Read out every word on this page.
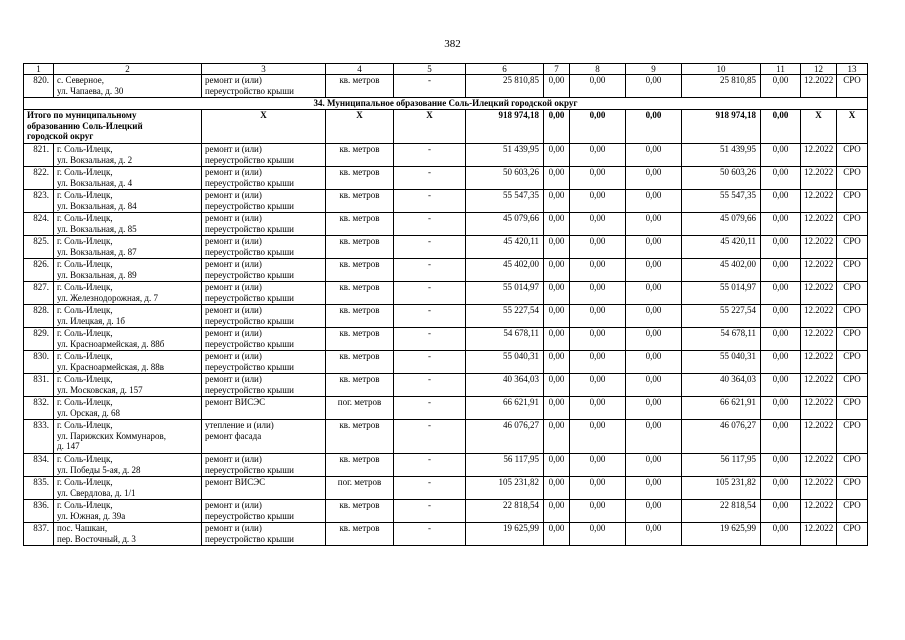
382
1	2	3	4	5	6	7	8	9	10	11	12	13
820.	с. Северное,
ул. Чапаева, д. 30	ремонт и (или)
переустройство крыши	кв. метров	-	25 810,85	0,00	0,00	0,00	25 810,85	0,00	12.2022	СРО
34. Муниципальное образование Соль-Илецкий городской округ												
Итого по муниципальному
образованию Соль-Илецкий
городской округ		X	X	X	918 974,18	0,00	0,00	0,00	918 974,18	0,00	X	X
821.	г. Соль-Илецк,
ул. Вокзальная, д. 2	ремонт и (или)
переустройство крыши	кв. метров	-	51 439,95	0,00	0,00	0,00	51 439,95	0,00	12.2022	СРО
822.	г. Соль-Илецк,
ул. Вокзальная, д. 4	ремонт и (или)
переустройство крыши	кв. метров	-	50 603,26	0,00	0,00	0,00	50 603,26	0,00	12.2022	СРО
823.	г. Соль-Илецк,
ул. Вокзальная, д. 84	ремонт и (или)
переустройство крыши	кв. метров	-	55 547,35	0,00	0,00	0,00	55 547,35	0,00	12.2022	СРО
824.	г. Соль-Илецк,
ул. Вокзальная, д. 85	ремонт и (или)
переустройство крыши	кв. метров	-	45 079,66	0,00	0,00	0,00	45 079,66	0,00	12.2022	СРО
825.	г. Соль-Илецк,
ул. Вокзальная, д. 87	ремонт и (или)
переустройство крыши	кв. метров	-	45 420,11	0,00	0,00	0,00	45 420,11	0,00	12.2022	СРО
826.	г. Соль-Илецк,
ул. Вокзальная, д. 89	ремонт и (или)
переустройство крыши	кв. метров	-	45 402,00	0,00	0,00	0,00	45 402,00	0,00	12.2022	СРО
827.	г. Соль-Илецк,
ул. Железнодорожная, д. 7	ремонт и (или)
переустройство крыши	кв. метров	-	55 014,97	0,00	0,00	0,00	55 014,97	0,00	12.2022	СРО
828.	г. Соль-Илецк,
ул. Илецкая, д. 1б	ремонт и (или)
переустройство крыши	кв. метров	-	55 227,54	0,00	0,00	0,00	55 227,54	0,00	12.2022	СРО
829.	г. Соль-Илецк,
ул. Красноармейская, д. 88б	ремонт и (или)
переустройство крыши	кв. метров	-	54 678,11	0,00	0,00	0,00	54 678,11	0,00	12.2022	СРО
830.	г. Соль-Илецк,
ул. Красноармейская, д. 88в	ремонт и (или)
переустройство крыши	кв. метров	-	55 040,31	0,00	0,00	0,00	55 040,31	0,00	12.2022	СРО
831.	г. Соль-Илецк,
ул. Московская, д. 157	ремонт и (или)
переустройство крыши	кв. метров	-	40 364,03	0,00	0,00	0,00	40 364,03	0,00	12.2022	СРО
832.	г. Соль-Илецк,
ул. Орская, д. 68	ремонт ВИСЭС	пог. метров	-	66 621,91	0,00	0,00	0,00	66 621,91	0,00	12.2022	СРО
833.	г. Соль-Илецк,
ул. Парижских Коммунаров,
д. 147	утепление и (или)
ремонт фасада	кв. метров	-	46 076,27	0,00	0,00	0,00	46 076,27	0,00	12.2022	СРО
834.	г. Соль-Илецк,
ул. Победы 5-ая, д. 28	ремонт и (или)
переустройство крыши	кв. метров	-	56 117,95	0,00	0,00	0,00	56 117,95	0,00	12.2022	СРО
835.	г. Соль-Илецк,
ул. Свердлова, д. 1/1	ремонт ВИСЭС	пог. метров	-	105 231,82	0,00	0,00	0,00	105 231,82	0,00	12.2022	СРО
836.	г. Соль-Илецк,
ул. Южная, д. 39а	ремонт и (или)
переустройство крыши	кв. метров	-	22 818,54	0,00	0,00	0,00	22 818,54	0,00	12.2022	СРО
837.	пос. Чашкан,
пер. Восточный, д. 3	ремонт и (или)
переустройство крыши	кв. метров	-	19 625,99	0,00	0,00	0,00	19 625,99	0,00	12.2022	СРО
